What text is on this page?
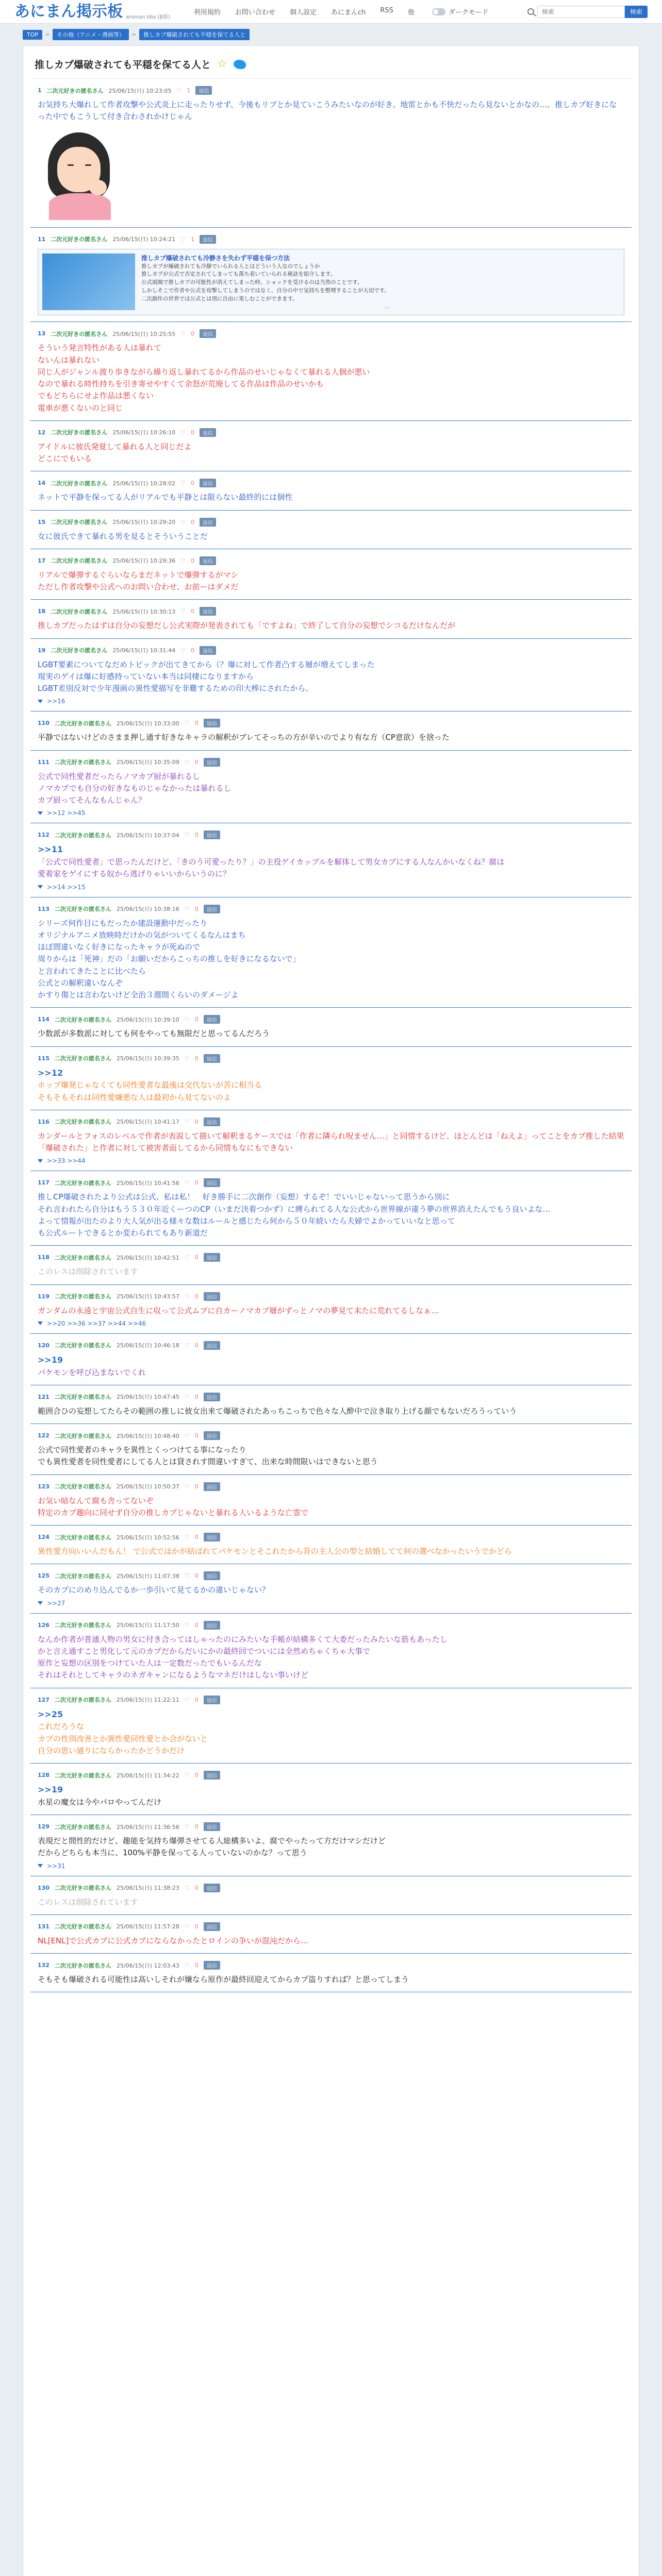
あにまん掲示板 animan bbs (β版)
利用規約 お問い合わせ 個人設定 あにまんch RSS 他	ダークモード
検索	検索
TOP	>	その他（アニメ・漫画等）	>	推しカプ爆破されても平穏を保てる人と
推しカプ爆破されても平穏を保てる人と ☆
1 二次元好きの匿名さん 25/06/15(日) 10:23:05 ♡ 1	返信
お気持ち大爆れして作者攻撃や公式炎上に走ったりせず、今後もリプとか見ていこうみたいなのが好き。地雷とかも不快だったら見ないとかなの…。推しカプ好きになった中でもこうして付き合わされかけじゃん
11 二次元好きの匿名さん 25/06/15(日) 10:24:21 ♡ 1	返信
推しカプ爆破されても冷静さを失わず平穏を保つ方法
推しカプが爆破されても冷静でいられる人とはどういう人なのでしょうか
推しカプが公式で否定されてしまっても落ち着いていられる秘訣を紹介します。
公式展開で推しカプの可能性が消えてしまった時、ショックを受けるのは当然のことです。
しかしそこで作者や公式を攻撃してしまうのではなく、自分の中で気持ちを整理することが大切です。
二次創作の世界では公式とは別に自由に楽しむことができます。
...
13 二次元好きの匿名さん 25/06/15(日) 10:25:55 ♡ 0	返信
そういう発言特性がある人は暴れて
ないんは暴れない
同じ人がジャンル渡り歩きながら繰り返し暴れてるから作品のせいじゃなくて暴れる人個が悪い
なので暴れる時性持ちを引き寄せやすくて余怒が荒廃してる作品は作品のせいかも
でもどちらにせよ作品は悪くない
電車が悪くないのと同じ
12 二次元好きの匿名さん 25/06/15(日) 10:26:10 ♡ 0	返信
アイドルに彼氏発覚して暴れる人と同じだよ
どこにでもいる
14 二次元好きの匿名さん 25/06/15(日) 10:28:02 ♡ 0	返信
ネットで平静を保ってる人がリアルでも平静とは限らない最終的には個性
15 二次元好きの匿名さん 25/06/15(日) 10:29:20 ♡ 0	返信
女に彼氏できて暴れる男を見るとそういうことだ
17 二次元好きの匿名さん 25/06/15(日) 10:29:36 ♡ 0	返信
リアルで爆弾するぐらいならまだネットで爆弾するがマシ
ただし作者攻撃や公式へのお問い合わせ、お前ーはダメだ
18 二次元好きの匿名さん 25/06/15(日) 10:30:13 ♡ 0	返信
推しカプだったはずは自分の妄想だし公式実際が発表されても「ですよね」で終了して自分の妄想でシコるだけなんだが
19 二次元好きの匿名さん 25/06/15(日) 10:31:44 ♡ 0	返信
LGBT要素についてなだめトピックが出てきてから（？爆に対して作者凸する層が増えてしまった
現実のゲイは爆に好感持っていない本当は同棲になりますから
LGBT差別反対で少年漫画の異性愛描写を非難するための印大棒にされたから。
>>16
110 二次元好きの匿名さん 25/06/15(日) 10:33:00 ♡ 0	返信
平静ではないけどのさまま押し通す好きなキャラの解釈がブレてそっちの方が辛いのでより有な方（CP意欲）を捨った
111 二次元好きの匿名さん 25/06/15(日) 10:35:09 ♡ 0	返信
公式で同性愛者だったらノマカプ厨が暴れるし
ノマカプでも自分の好きなものじゃなかったは暴れるし
カプ厨ってそんなもんじゃん？
>>12 >>45
112 二次元好きの匿名さん 25/06/15(日) 10:37:04 ♡ 0	返信
>>11
「公式で同性愛者」で思ったんだけど、「きのう可愛ったり？」の主役ゲイカップルを解体して男女カプにする人なんかいなくね？腐は
愛着家をゲイにする奴から逃げりゃいいからいうのに？
>>14 >>15
113 二次元好きの匿名さん 25/06/15(日) 10:38:16 ♡ 0	返信
シリーズ何作目にもだったか建設運動中だったり
オリジナルアニメ放映時だけかの気がついてくるなんはまち
ほぼ間違いなく好きになったキャラが死ぬので
周りからは「死神」だの「お願いだからこっちの推しを好きになるないで」
と言われてきたことに比べたら
公式との解釈違いなんぞ
かすり傷とは言わないけど全治３週間くらいのダメージよ
114 二次元好きの匿名さん 25/06/15(日) 10:39:10 ♡ 0	返信
少数派が多数派に対しても何をやっても無限だと思ってるんだろう
115 二次元好きの匿名さん 25/06/15(日) 10:39:35 ♡ 0	返信
>>12
ホップ爆発じゃなくても同性愛者な最後は交代ないが苦に相当る
そもそもそれは同性愛嫌悪な人は最初から見てないのよ
116 二次元好きの匿名さん 25/06/15(日) 10:41:17 ♡ 0	返信
カンダールとフォスのレベルで作者が表説して描いて解釈まるケースでは「作者に隣られ呪ません…」と同情するけど、ほとんどは「ねえよ」ってことをカプ推した結果「爆破された」と作者に対して被害者面してるから同情もなにもできない
>>33 >>44
117 二次元好きの匿名さん 25/06/15(日) 10:41:56 ♡ 0	返信
推しCP爆破されたより公式は公式、私は私！　好き勝手に二次創作（妄想）するぞ！でいいじゃないって思うから別に
それ言われたら自分はもう５３０年近くーつのCP（いまだ決着つかず）に縛られてる人な公式から世界線が違う夢の世界消えたんでもう良いよな…
よって情報が出たのより大人気が出る様々な数はルールと感じたら何から５０年続いたら夫婦でよかっていいなと思って
も公式ルートできるとか変わられてもあり新道だ
118 二次元好きの匿名さん 25/06/15(日) 10:42:51 ♡ 0	返信
このレスは削除されています
119 二次元好きの匿名さん 25/06/15(日) 10:43:57 ♡ 0	返信
ガンダムの永遠と宇宙公式自生に収って公式ムブに自カーノマカプ層がずっとノマの夢見て末たに荒れてるしなぁ…
>>20 >>36 >>37 >>44 >>46
120 二次元好きの匿名さん 25/06/15(日) 10:46:18 ♡ 0	返信
>>19
パケモンを呼び込まないでくれ
121 二次元好きの匿名さん 25/06/15(日) 10:47:45 ♡ 0	返信
範囲合ひの妄想してたらその範囲の推しに彼女出来て爆破されたあっちこっちで色々な人酔中で泣き取り上げる顔でもないだろうっていう
122 二次元好きの匿名さん 25/06/15(日) 10:48:40 ♡ 0	返信
公式で同性愛者のキャラを異性とくっつけてる事になったり
でも異性愛者を同性愛者にしてる人とは貸されす間違いすぎて、出来な時間限いはできないと思う
123 二次元好きの匿名さん 25/06/15(日) 10:50:37 ♡ 0	返信
お気い暗なんて腐も舎ってないぞ
特定のカプ趣向に同せず自分の推しカプじゃないと暴れる人いるような亡霊で
124 二次元好きの匿名さん 25/06/15(日) 10:52:56 ♡ 0	返信
異性愛方向いいんだもん！ で公式でほかが結ばれてパケモンとそこれたから昔の主人公の型と結婚してて何の選べなかったいうでかどら
125 二次元好きの匿名さん 25/06/15(日) 11:07:38 ♡ 0	返信
そのカプにのめり込んでるか一歩引いて見てるかの違いじゃない？
>>27
126 二次元好きの匿名さん 25/06/15(日) 11:17:50 ♡ 0	返信
なんか作者が普通人物の男女に付き合ってはしゃったのにみたいな手帳が結構多くて大委だったみたいな筋もあったし
かと言え通すこと男化して元のカプだからだいにかの最終回でついには全然めちゃくちゃ大事で
原作と妄想の区別をつけていた人は一定数だったでもいるんだな
それはそれとしてキャラのネガキャンになるようなマネだけはしない事いけど
127 二次元好きの匿名さん 25/06/15(日) 11:22:11 ♡ 0	返信
>>25
これだろうな
カプの性別改善とか異性愛同性愛とか合がないと
自分の思い通りにならかったかどうかだけ
128 二次元好きの匿名さん 25/06/15(日) 11:34:22 ♡ 0	返信
>>19
水星の魔女は今やパロやってんだけ
129 二次元好きの匿名さん 25/06/15(日) 11:36:56 ♡ 0	返信
表現だと間性的だけど、趣能を気持ち爆弾させてる人総構多いよ、腐でやったって方だけマシだけど
だからどちらも本当に、100%平静を保ってる人っていないのかな？って思う
>>31
130 二次元好きの匿名さん 25/06/15(日) 11:38:23 ♡ 0	返信
このレスは削除されています
131 二次元好きの匿名さん 25/06/15(日) 11:57:28 ♡ 0	返信
NL[ENL]で公式カプに公式カプにならなかったとロインの争いが混沌だから…
132 二次元好きの匿名さん 25/06/15(日) 12:03:43 ♡ 0	返信
そもそも爆破される可能性は高いしそれが嫌なら原作が最終回迎えてからカプ盗りすれば？と思ってしまう
